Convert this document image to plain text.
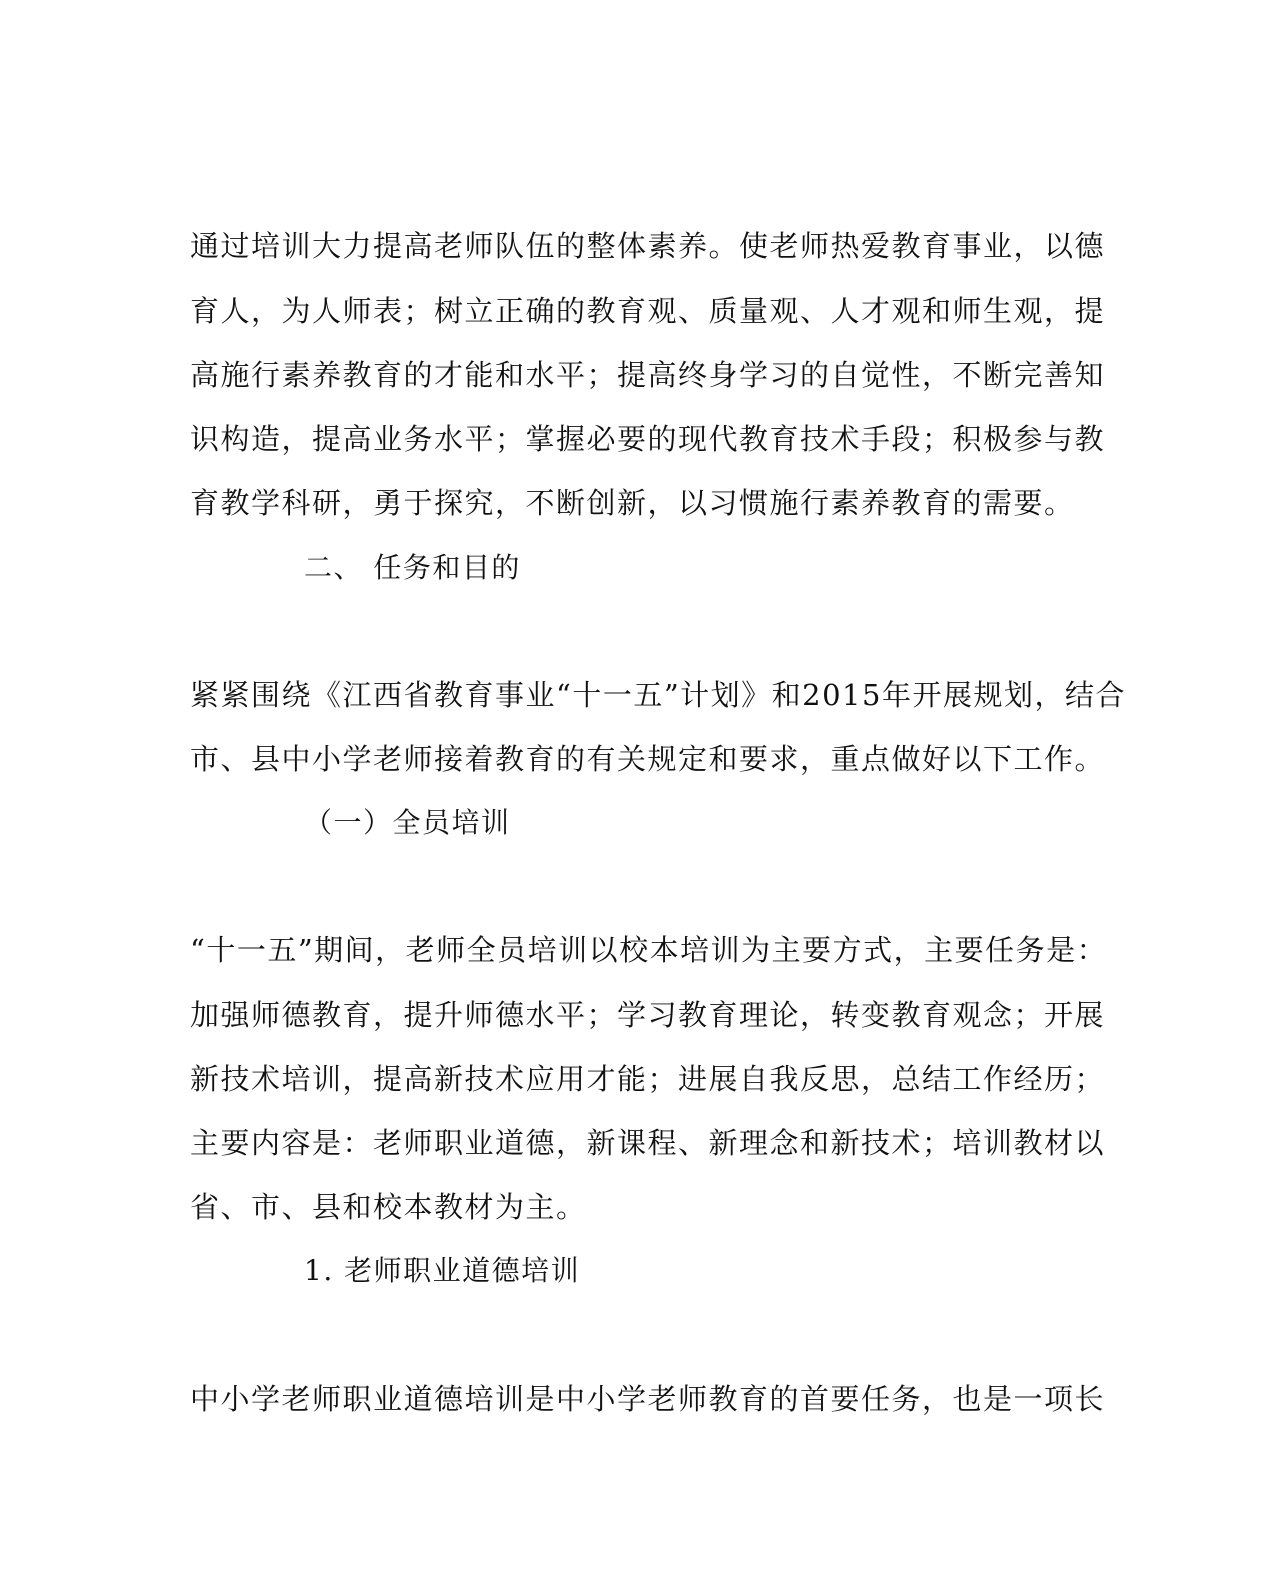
通过培训大力提高老师队伍的整体素养。使老师热爱教育事业，以德
育人，为人师表；树立正确的教育观、质量观、人才观和师生观，提
高施行素养教育的才能和水平；提高终身学习的自觉性，不断完善知
识构造，提高业务水平；掌握必要的现代教育技术手段；积极参与教
育教学科研，勇于探究，不断创新，以习惯施行素养教育的需要。
二、 任务和目的
紧紧围绕《江西省教育事业“十一五”计划》和2015年开展规划，结合
市、县中小学老师接着教育的有关规定和要求，重点做好以下工作。
（一）全员培训
“十一五”期间，老师全员培训以校本培训为主要方式，主要任务是：
加强师德教育，提升师德水平；学习教育理论，转变教育观念；开展
新技术培训，提高新技术应用才能；进展自我反思，总结工作经历；
主要内容是：老师职业道德，新课程、新理念和新技术；培训教材以
省、市、县和校本教材为主。
1. 老师职业道德培训
中小学老师职业道德培训是中小学老师教育的首要任务，也是一项长
